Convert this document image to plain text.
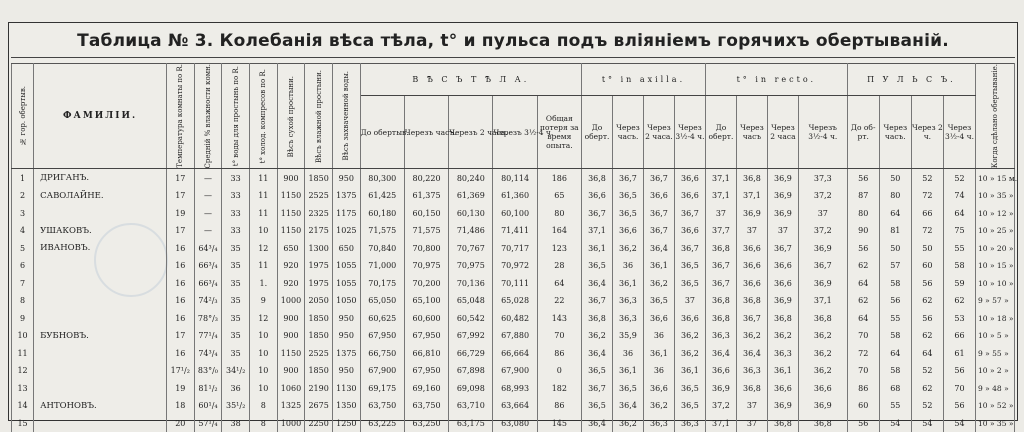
Таблица № 3. Колебанія вѣса тѣла, t° и пульса подъ вліяніемъ горячихъ обертываній.
№ гор. обертыв.	ФАМИЛІИ.	Температура комнаты по R.	Средній % влажности комн.	t° воды для простынь по R.	t° холод. компресов по R.	Вѣсъ сухой простыни.	Вѣсъ влажной простыни.	Вѣсъ захваченной воды.	В Ѣ С Ъ Т Ѣ Л А.					t° in axilla.				t° in recto.				П У Л Ь С Ъ.				Когда сдѣлано обертываніе.

									До обертыв.	Черезъ часъ.	Черезъ 2 часа.	Черезъ 3½-4 ч.	Общая потеря за время опыта.	До оберт.	Через часъ.	Через 2 часа.	Через 3½-4 ч.	До оберт.	Через часъ	Через 2 часа	Черезъ 3½-4 ч.	До об-рт.	Через часъ.	Через 2 ч.	Через 3½-4 ч.	

1	ДРИГАНЪ.	17	—	33	11	900	1850	950	80,300	80,220	80,240	80,114	186	36,8	36,7	36,7	36,6	37,1	36,8	36,9	37,3	56	50	52	52	10 » 15 м.
2	САВОЛАЙНЕ.	17	—	33	11	1150	2525	1375	61,425	61,375	61,369	61,360	65	36,6	36,5	36,6	36,6	37,1	37,1	36,9	37,2	87	80	72	74	10 » 35 »
3		19	—	33	11	1150	2325	1175	60,180	60,150	60,130	60,100	80	36,7	36,5	36,7	36,7	37	36,9	36,9	37	80	64	66	64	10 » 12 »
4	УШАКОВЪ.	17	—	33	10	1150	2175	1025	71,575	71,575	71,486	71,411	164	37,1	36,6	36,7	36,6	37,7	37	37	37,2	90	81	72	75	10 » 25 »
5	ИВАНОВЪ.	16	64³/₄	35	12	650	1300	650	70,840	70,800	70,767	70,717	123	36,1	36,2	36,4	36,7	36,8	36,6	36,7	36,9	56	50	50	55	10 » 20 »
6		16	66³/₄	35	11	920	1975	1055	71,000	70,975	70,975	70,972	28	36,5	36	36,1	36,5	36,7	36,6	36,6	36,7	62	57	60	58	10 » 15 »
7		16	66³/₄	35	1.	920	1975	1055	70,175	70,200	70,136	70,111	64	36,4	36,1	36,2	36,5	36,7	36,6	36,6	36,9	64	58	56	59	10 » 10 »
8		16	74²/₃	35	9	1000	2050	1050	65,050	65,100	65,048	65,028	22	36,7	36,3	36,5	37	36,8	36,8	36,9	37,1	62	56	62	62	9 » 57 »
9		16	78°/₃	35	12	900	1850	950	60,625	60,600	60,542	60,482	143	36,8	36,3	36,6	36,6	36,8	36,7	36,8	36,8	64	55	56	53	10 » 18 »
10	БУБНОВЪ.	17	77¹/₄	35	10	900	1850	950	67,950	67,950	67,992	67,880	70	36,2	35,9	36	36,2	36,3	36,2	36,2	36,2	70	58	62	66	10 » 5 »
11		16	74³/₄	35	10	1150	2525	1375	66,750	66,810	66,729	66,664	86	36,4	36	36,1	36,2	36,4	36,4	36,3	36,2	72	64	64	61	9 » 55 »
12		17¹/₂	83°/₀	34¹/₂	10	900	1850	950	67,900	67,950	67,898	67,900	0	36,5	36,1	36	36,1	36,6	36,3	36,1	36,2	70	58	52	56	10 » 2 »
13		19	81¹/₂	36	10	1060	2190	1130	69,175	69,160	69,098	68,993	182	36,7	36,5	36,6	36,5	36,9	36,8	36,6	36,6	86	68	62	70	9 » 48 »
14	АНТОНОВЪ.	18	60¹/₄	35¹/₂	8	1325	2675	1350	63,750	63,750	63,710	63,664	86	36,5	36,4	36,2	36,5	37,2	37	36,9	36,9	60	55	52	56	10 » 52 »
15		20	57¹/₄	38	8	1000	2250	1250	63,225	63,250	63,175	63,080	145	36,4	36,2	36,3	36,3	37,1	37	36,8	36,8	56	54	54	54	10 » 35 »
